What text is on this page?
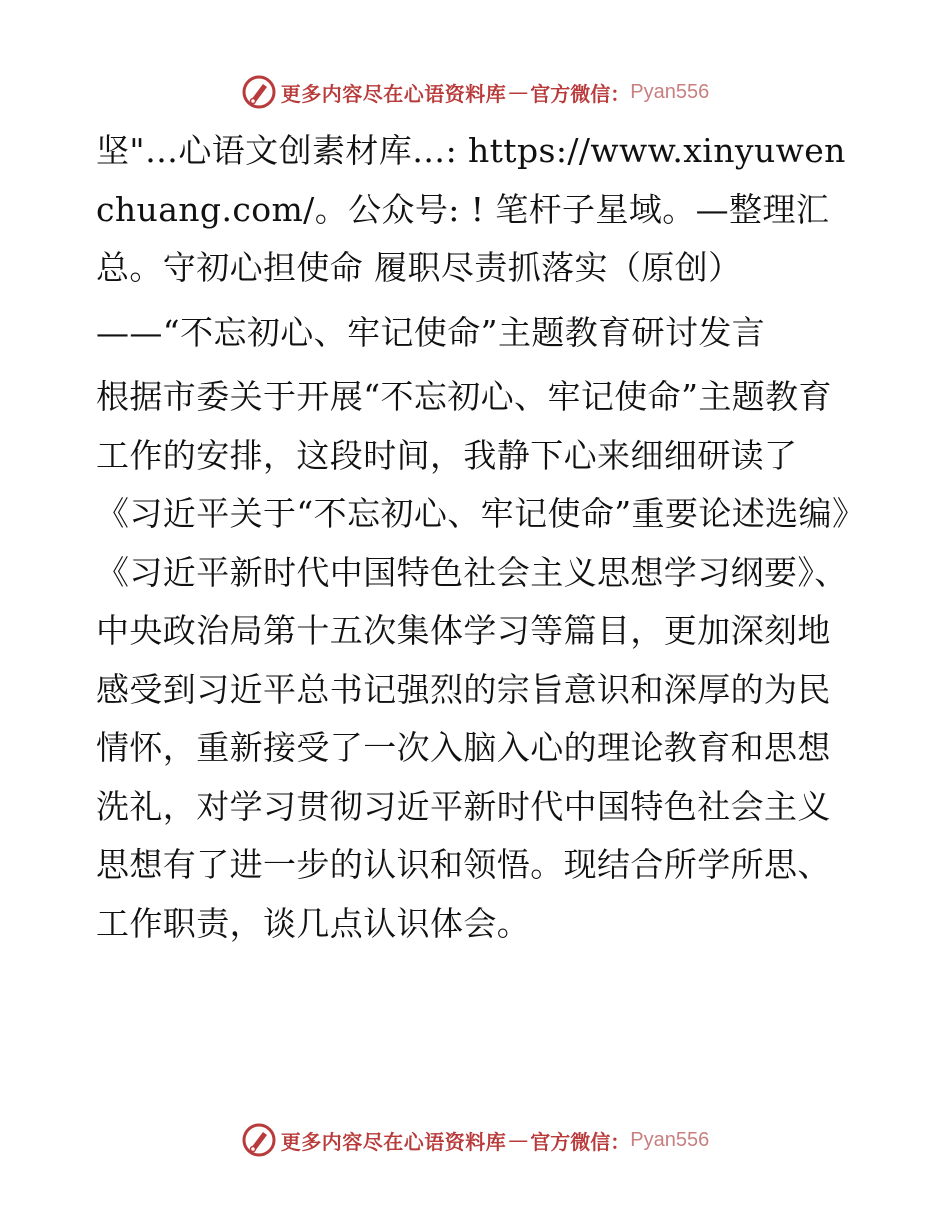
更多内容尽在心语资料库 — 官方微信： Pyan556

坚"…心语文创素材库…: https://www.xinyuwenchuang.com/。公众号: ! 笔杆子星域。—整理汇总。守初心担使命 履职尽责抓落实（原创）

——“不忘初心、牢记使命”主题教育研讨发言

根据市委关于开展“不忘初心、牢记使命”主题教育工作的安排，这段时间，我静下心来细细研读了《习近平关于“不忘初心、牢记使命”重要论述选编》《习近平新时代中国特色社会主义思想学习纲要》、中央政治局第十五次集体学习等篇目，更加深刻地感受到习近平总书记强烈的宗旨意识和深厚的为民情怀，重新接受了一次入脑入心的理论教育和思想洗礼，对学习贯彻习近平新时代中国特色社会主义思想有了进一步的认识和领悟。现结合所学所思、工作职责，谈几点认识体会。

更多内容尽在心语资料库 — 官方微信： Pyan556
